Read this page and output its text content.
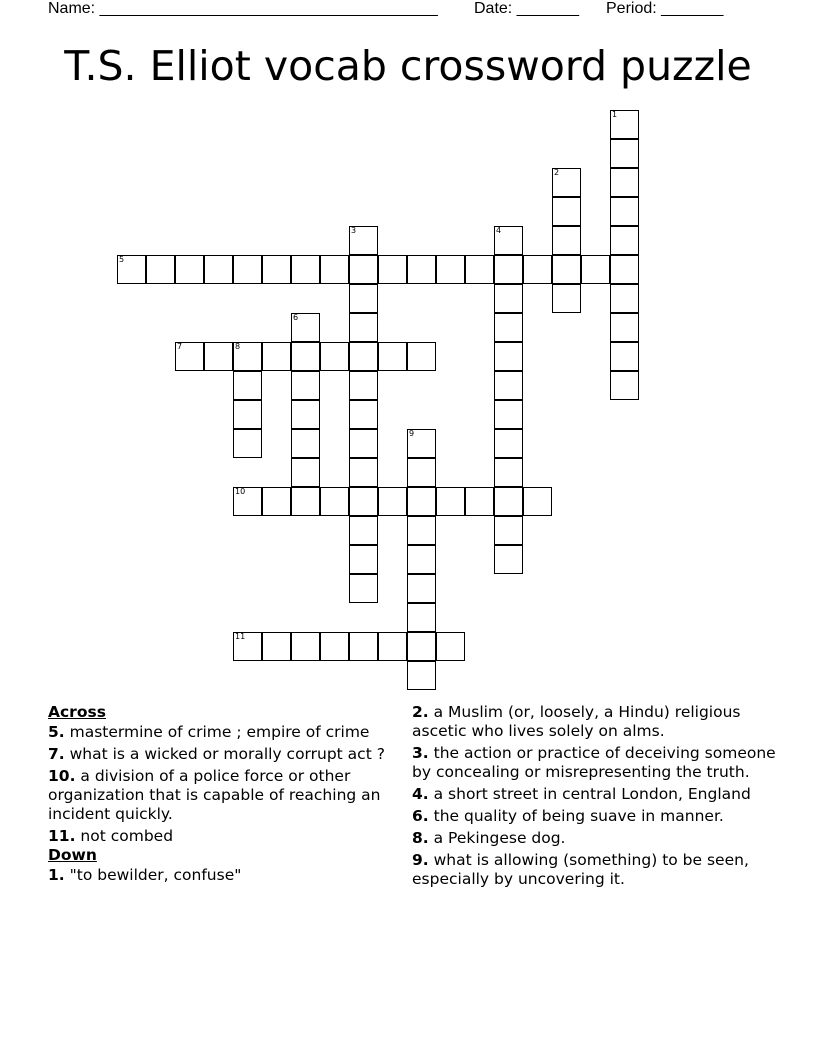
Name: ______________________________________ Date: _______ Period: _______
T.S. Elliot vocab crossword puzzle
1
2
3	4
5
6
7	8
9
10
11
Across
5. mastermine of crime ; empire of crime
7. what is a wicked or morally corrupt act ?
10. a division of a police force or other organization that is capable of reaching an incident quickly.
11. not combed
Down
1. "to bewilder, confuse"
2. a Muslim (or, loosely, a Hindu) religious ascetic who lives solely on alms.
3. the action or practice of deceiving someone by concealing or misrepresenting the truth.
4. a short street in central London, England
6. the quality of being suave in manner.
8. a Pekingese dog.
9. what is allowing (something) to be seen, especially by uncovering it.
